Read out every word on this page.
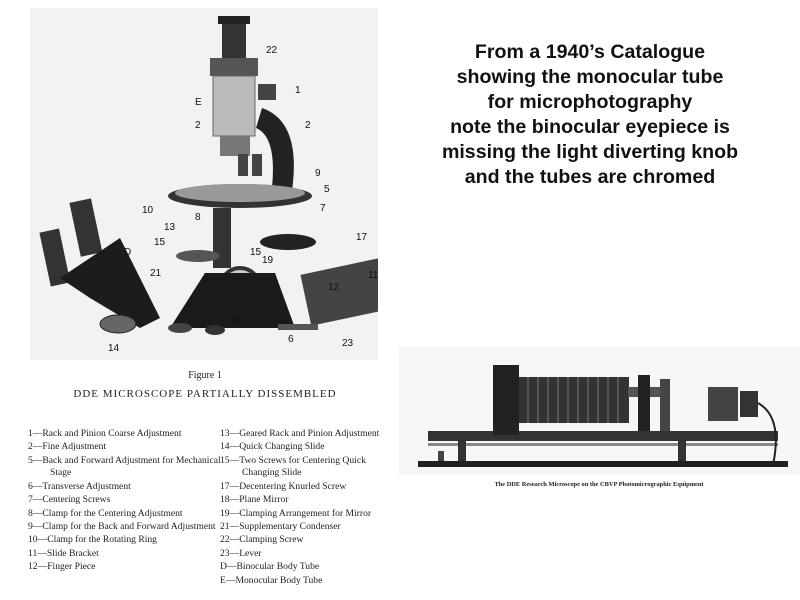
22
1
E
2	2
9
5
7
10
8
13
15
D	15
19
17
21
12
11
18
6	23
14
Figure 1
DDE MICROSCOPE PARTIALLY DISSEMBLED
1—Rack and Pinion Coarse Adjustment
2—Fine Adjustment
5—Back and Forward Adjustment for Mechanical Stage
6—Transverse Adjustment
7—Centering Screws
8—Clamp for the Centering Adjustment
9—Clamp for the Back and Forward Adjustment
10—Clamp for the Rotating Ring
11—Slide Bracket
12—Finger Piece
13—Geared Rack and Pinion Adjustment
14—Quick Changing Slide
15—Two Screws for Centering Quick Changing Slide
17—Decentering Knurled Screw
18—Plane Mirror
19—Clamping Arrangement for Mirror
21—Supplementary Condenser
22—Clamping Screw
23—Lever
D—Binocular Body Tube
E—Monocular Body Tube
From a 1940’s Catalogue
showing the monocular tube
for microphotography
note the binocular eyepiece is
missing the light diverting knob
and the tubes are chromed
The DDE Research Microscope on the CBVP Photomicrographic Equipment
